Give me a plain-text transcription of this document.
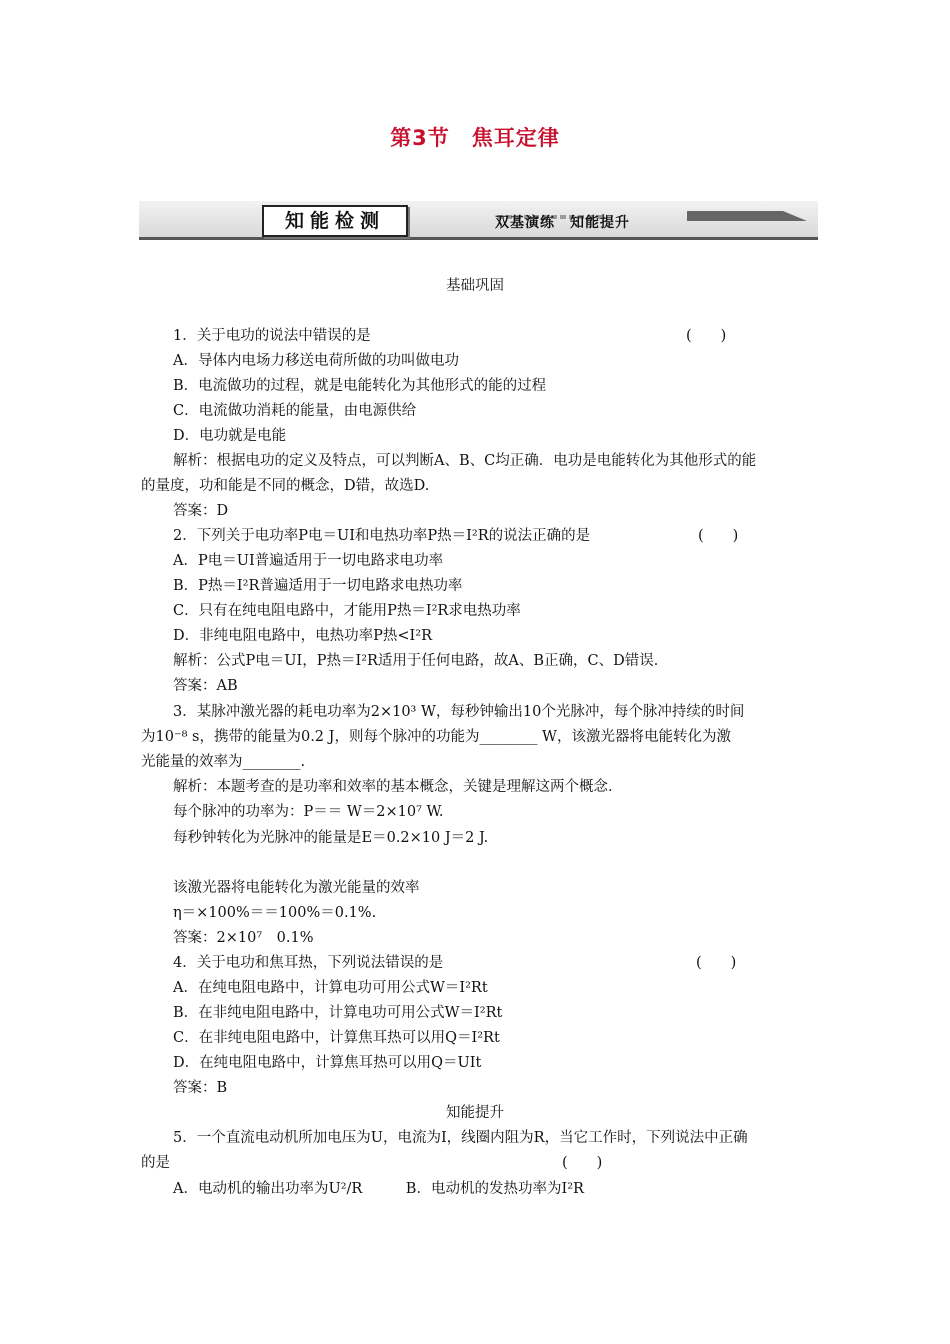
第3节　焦耳定律
知能检测	双基演练　知能提升
基础巩固
1．关于电功的说法中错误的是	(　　)
A．导体内电场力移送电荷所做的功叫做电功
B．电流做功的过程，就是电能转化为其他形式的能的过程
C．电流做功消耗的能量，由电源供给
D．电功就是电能
解析：根据电功的定义及特点，可以判断A、B、C均正确．电功是电能转化为其他形式的能
的量度，功和能是不同的概念，D错，故选D.
答案：D
2．下列关于电功率P电＝UI和电热功率P热＝I²R的说法正确的是	(　　)
A．P电＝UI普遍适用于一切电路求电功率
B．P热＝I²R普遍适用于一切电路求电热功率
C．只有在纯电阻电路中，才能用P热＝I²R求电热功率
D．非纯电阻电路中，电热功率P热<I²R
解析：公式P电＝UI，P热＝I²R适用于任何电路，故A、B正确，C、D错误．
答案：AB
3．某脉冲激光器的耗电功率为2×10³ W，每秒钟输出10个光脉冲，每个脉冲持续的时间
为10⁻⁸ s，携带的能量为0.2 J，则每个脉冲的功能为________ W，该激光器将电能转化为激
光能量的效率为________.
解析：本题考查的是功率和效率的基本概念，关键是理解这两个概念．
每个脉冲的功率为：P＝＝ W＝2×10⁷ W.
每秒钟转化为光脉冲的能量是E＝0.2×10 J＝2 J.
该激光器将电能转化为激光能量的效率
η＝×100%＝＝100%＝0.1%.
答案：2×10⁷　0.1%
4．关于电功和焦耳热，下列说法错误的是	(　　)
A．在纯电阻电路中，计算电功可用公式W＝I²Rt
B．在非纯电阻电路中，计算电功可用公式W＝I²Rt
C．在非纯电阻电路中，计算焦耳热可以用Q＝I²Rt
D．在纯电阻电路中，计算焦耳热可以用Q＝UIt
答案：B
知能提升
5．一个直流电动机所加电压为U，电流为I，线圈内阻为R，当它工作时，下列说法中正确
的是	(　　)
A．电动机的输出功率为U²/R　　　B．电动机的发热功率为I²R
